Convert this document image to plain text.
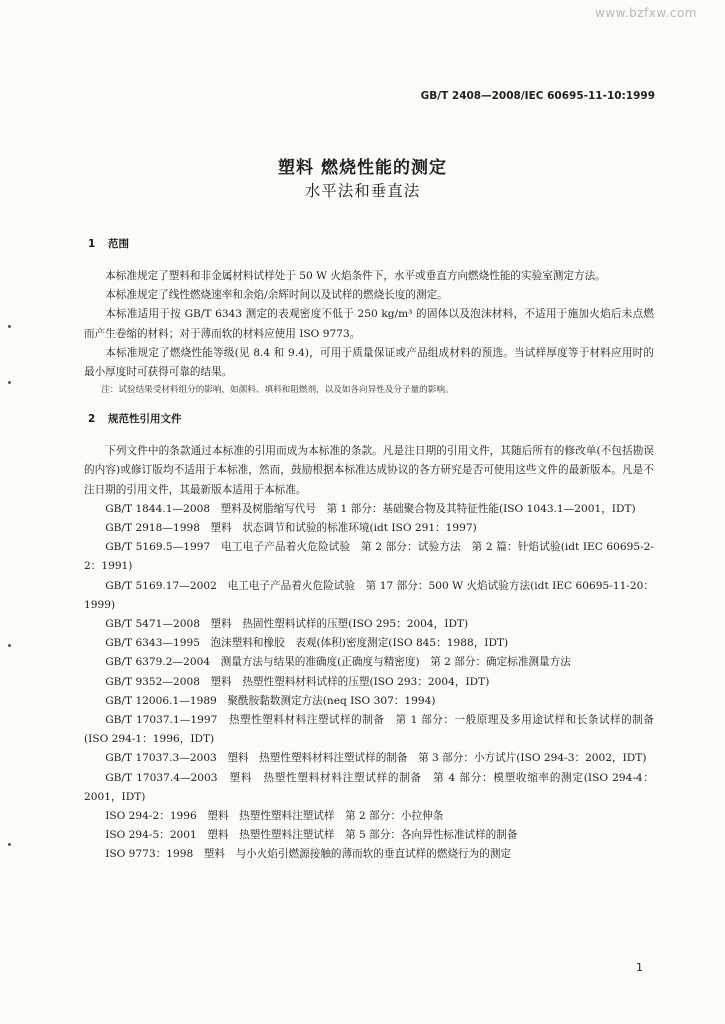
www.bzfxw.com
GB/T 2408—2008/IEC 60695-11-10:1999
塑料 燃烧性能的测定
水平法和垂直法
1 范围

本标准规定了塑料和非金属材料试样处于 50 W 火焰条件下，水平或垂直方向燃烧性能的实验室测定方法。

本标准规定了线性燃烧速率和余焰/余辉时间以及试样的燃烧长度的测定。

本标准适用于按 GB/T 6343 测定的表观密度不低于 250 kg/m³ 的固体以及泡沫材料，不适用于施加火焰后未点燃而产生卷缩的材料；对于薄而软的材料应使用 ISO 9773。

本标准规定了燃烧性能等级(见 8.4 和 9.4)，可用于质量保证或产品组成材料的预选。当试样厚度等于材料应用时的最小厚度时可获得可靠的结果。

注：试验结果受材料组分的影响，如颜料、填料和阻燃剂，以及如各向异性及分子量的影响。

2 规范性引用文件

下列文件中的条款通过本标准的引用而成为本标准的条款。凡是注日期的引用文件，其随后所有的修改单(不包括勘误的内容)或修订版均不适用于本标准，然而，鼓励根据本标准达成协议的各方研究是否可使用这些文件的最新版本。凡是不注日期的引用文件，其最新版本适用于本标准。

GB/T 1844.1—2008　塑料及树脂缩写代号　第 1 部分：基础聚合物及其特征性能(ISO 1043.1—2001，IDT)

GB/T 2918—1998　塑料　状态调节和试验的标准环境(idt ISO 291：1997)

GB/T 5169.5—1997　电工电子产品着火危险试验　第 2 部分：试验方法　第 2 篇：针焰试验(idt IEC 60695-2-2：1991)

GB/T 5169.17—2002　电工电子产品着火危险试验　第 17 部分：500 W 火焰试验方法(idt IEC 60695-11-20：1999)

GB/T 5471—2008　塑料　热固性塑料试样的压塑(ISO 295：2004，IDT)

GB/T 6343—1995　泡沫塑料和橡胶　表观(体积)密度测定(ISO 845：1988，IDT)

GB/T 6379.2—2004　测量方法与结果的准确度(正确度与精密度)　第 2 部分：确定标准测量方法

GB/T 9352—2008　塑料　热塑性塑料材料试样的压塑(ISO 293：2004，IDT)

GB/T 12006.1—1989　聚酰胺黏数测定方法(neq ISO 307：1994)

GB/T 17037.1—1997　热塑性塑料材料注塑试样的制备　第 1 部分：一般原理及多用途试样和长条试样的制备(ISO 294-1：1996，IDT)

GB/T 17037.3—2003　塑料　热塑性塑料材料注塑试样的制备　第 3 部分：小方试片(ISO 294-3：2002，IDT)

GB/T 17037.4—2003　塑料　热塑性塑料材料注塑试样的制备　第 4 部分：模塑收缩率的测定(ISO 294-4：2001，IDT)

ISO 294-2：1996　塑料　热塑性塑料注塑试样　第 2 部分：小拉伸条

ISO 294-5：2001　塑料　热塑性塑料注塑试样　第 5 部分：各向异性标准试样的制备

ISO 9773：1998　塑料　与小火焰引燃源接触的薄而软的垂直试样的燃烧行为的测定

1
